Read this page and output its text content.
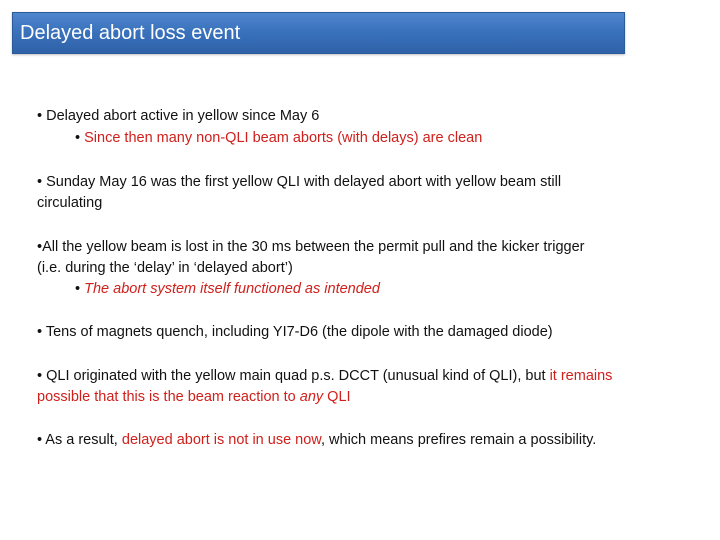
Delayed abort loss event
• Delayed abort active in yellow since May 6
• Since then many non-QLI beam aborts (with delays) are clean
• Sunday May 16 was the first yellow QLI with delayed abort with yellow beam still
circulating
•All the yellow beam is lost in the 30 ms between the permit pull and the kicker trigger
(i.e. during the ‘delay’ in ‘delayed abort’)
• The abort system itself functioned as intended
• Tens of magnets quench, including YI7-D6 (the dipole with the damaged diode)
• QLI originated with the yellow main quad p.s. DCCT (unusual kind of QLI), but it remains
possible that this is the beam reaction to any QLI
• As a result, delayed abort is not in use now, which means prefires remain a possibility.
